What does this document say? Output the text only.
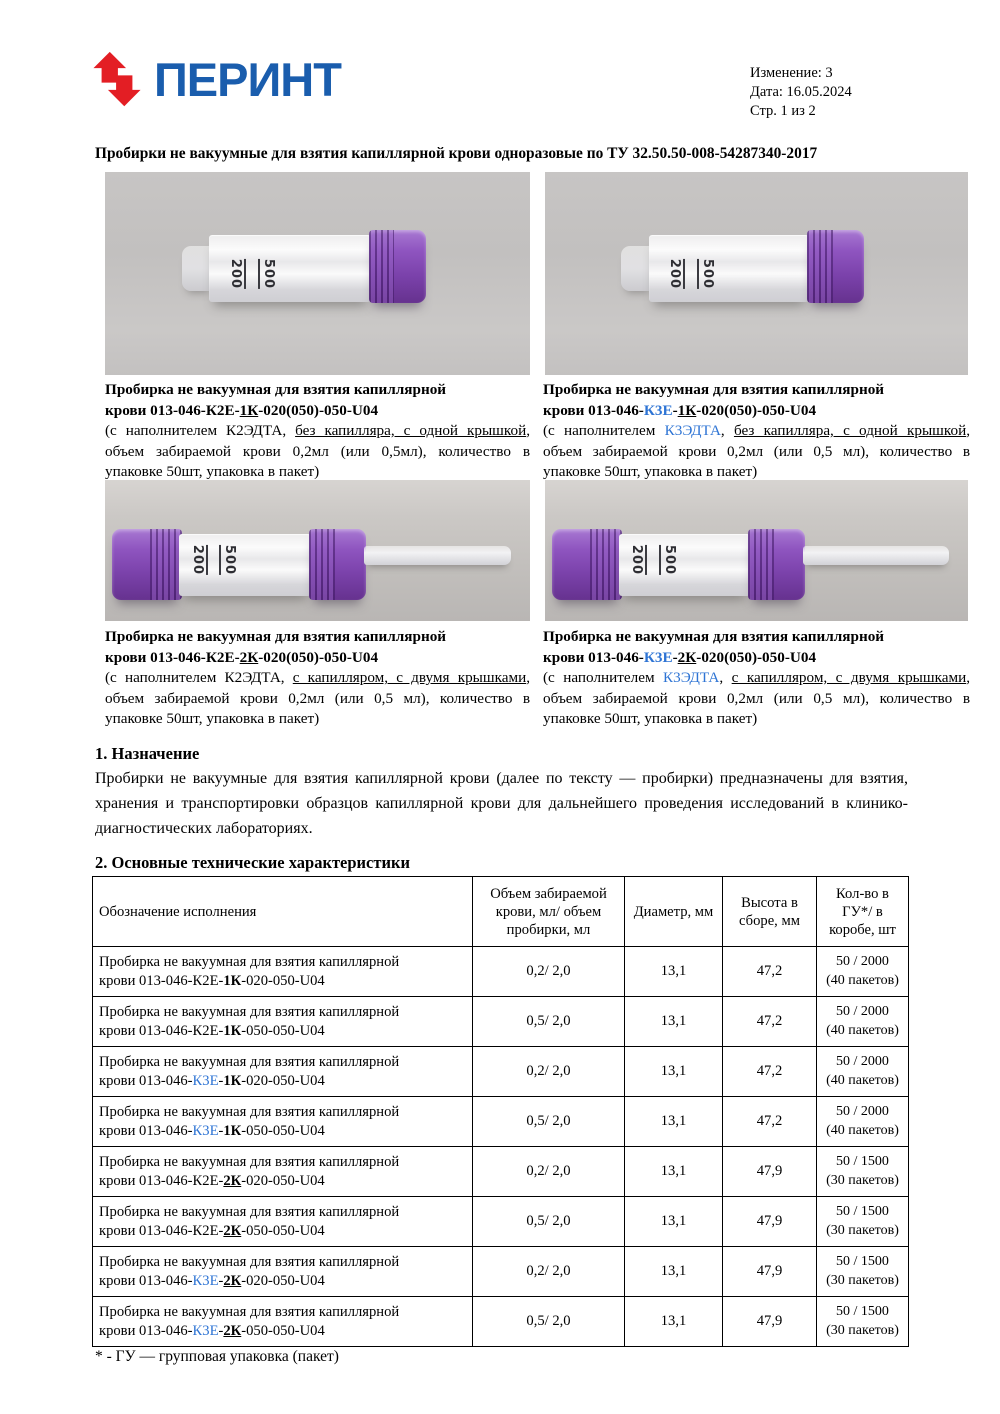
ПЕРИНТ	Изменение: 3
Дата: 16.05.2024
Стр. 1 из 2
Пробирки не вакуумные для взятия капиллярной крови одноразовые по ТУ 32.50.50-008-54287340-2017
200 500	200 500
Пробирка не вакуумная для взятия капиллярной
крови 013-046-К2Е-1К-020(050)-050-U04
(с наполнителем К2ЭДТА, без капилляра, с одной крышкой, объем забираемой крови 0,2мл (или 0,5мл), количество в упаковке 50шт, упаковка в пакет)
Пробирка не вакуумная для взятия капиллярной
крови 013-046-К3Е-1К-020(050)-050-U04
(с наполнителем К3ЭДТА, без капилляра, с одной крышкой, объем забираемой крови 0,2мл (или 0,5 мл), количество в упаковке 50шт, упаковка в пакет)
200 500	200 500
Пробирка не вакуумная для взятия капиллярной
крови 013-046-К2Е-2К-020(050)-050-U04
(с наполнителем К2ЭДТА, с капилляром, с двумя крышками, объем забираемой крови 0,2мл (или 0,5 мл), количество в упаковке 50шт, упаковка в пакет)
Пробирка не вакуумная для взятия капиллярной
крови 013-046-К3Е-2К-020(050)-050-U04
(с наполнителем К3ЭДТА, с капилляром, с двумя крышками, объем забираемой крови 0,2мл (или 0,5 мл), количество в упаковке 50шт, упаковка в пакет)
1. Назначение
Пробирки не вакуумные для взятия капиллярной крови (далее по тексту — пробирки) предназначены для взятия, хранения и транспортировки образцов капиллярной крови для дальнейшего проведения исследований в клинико-диагностических лабораториях.
2. Основные технические характеристики
Обозначение исполнения	Объем забираемой крови, мл/ объем пробирки, мл	Диаметр, мм	Высота в сборе, мм	Кол-во в ГУ*/ в коробе, шт
Пробирка не вакуумная для взятия капиллярной
крови 013-046-К2Е-1К-020-050-U04	0,2/ 2,0	13,1	47,2	50 / 2000
(40 пакетов)

Пробирка не вакуумная для взятия капиллярной
крови 013-046-К2Е-1К-050-050-U04	0,5/ 2,0	13,1	47,2	50 / 2000
(40 пакетов)

Пробирка не вакуумная для взятия капиллярной
крови 013-046-К3Е-1К-020-050-U04	0,2/ 2,0	13,1	47,2	50 / 2000
(40 пакетов)

Пробирка не вакуумная для взятия капиллярной
крови 013-046-К3Е-1К-050-050-U04	0,5/ 2,0	13,1	47,2	50 / 2000
(40 пакетов)

Пробирка не вакуумная для взятия капиллярной
крови 013-046-К2Е-2К-020-050-U04	0,2/ 2,0	13,1	47,9	50 / 1500
(30 пакетов)

Пробирка не вакуумная для взятия капиллярной
крови 013-046-К2Е-2К-050-050-U04	0,5/ 2,0	13,1	47,9	50 / 1500
(30 пакетов)

Пробирка не вакуумная для взятия капиллярной
крови 013-046-К3Е-2К-020-050-U04	0,2/ 2,0	13,1	47,9	50 / 1500
(30 пакетов)

Пробирка не вакуумная для взятия капиллярной
крови 013-046-К3Е-2К-050-050-U04	0,5/ 2,0	13,1	47,9	50 / 1500
(30 пакетов)
* - ГУ — групповая упаковка (пакет)
